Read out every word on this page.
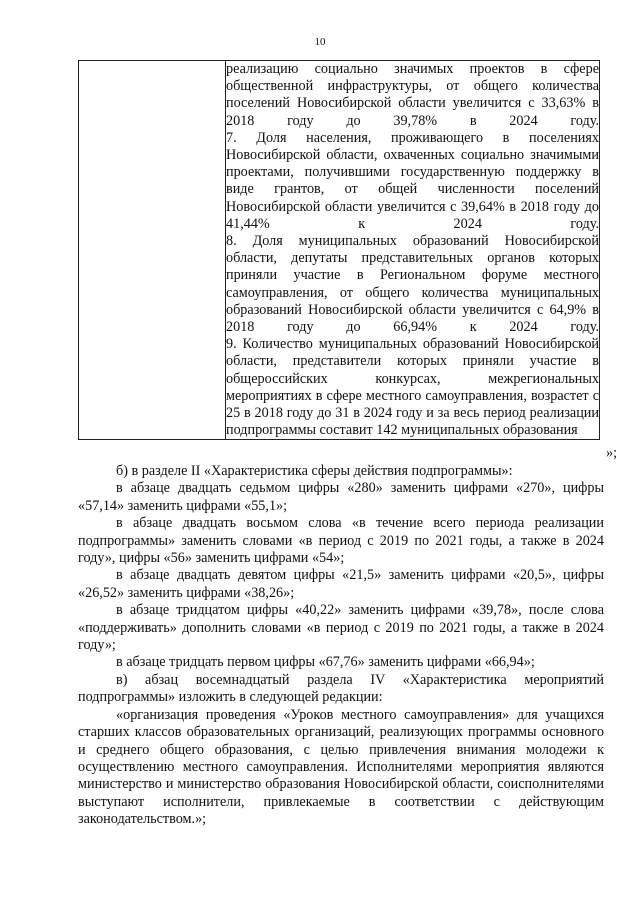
10

реализацию социально значимых проектов в сфере общественной инфраструктуры, от общего количества поселений Новосибирской области увеличится с 33,63% в 2018 году до 39,78% в 2024 году.

7. Доля населения, проживающего в поселениях Новосибирской области, охваченных социально значимыми проектами, получившими государственную поддержку в виде грантов, от общей численности поселений Новосибирской области увеличится с 39,64% в 2018 году до 41,44% к 2024 году.

8. Доля муниципальных образований Новосибирской области, депутаты представительных органов которых приняли участие в Региональном форуме местного самоуправления, от общего количества муниципальных образований Новосибирской области увеличится с 64,9% в 2018 году до 66,94% к 2024 году.

9. Количество муниципальных образований Новосибирской области, представители которых приняли участие в общероссийских конкурсах, межрегиональных мероприятиях в сфере местного самоуправления, возрастет с 25 в 2018 году до 31 в 2024 году и за весь период реализации подпрограммы составит 142 муниципальных образования

»;

б) в разделе II «Характеристика сферы действия подпрограммы»:

в абзаце двадцать седьмом цифры «280» заменить цифрами «270», цифры «57,14» заменить цифрами «55,1»;

в абзаце двадцать восьмом слова «в течение всего периода реализации подпрограммы» заменить словами «в период с 2019 по 2021 годы, а также в 2024 году», цифры «56» заменить цифрами «54»;

в абзаце двадцать девятом цифры «21,5» заменить цифрами «20,5», цифры «26,52» заменить цифрами «38,26»;

в абзаце тридцатом цифры «40,22» заменить цифрами «39,78», после слова «поддерживать» дополнить словами «в период с 2019 по 2021 годы, а также в 2024 году»;

в абзаце тридцать первом цифры «67,76» заменить цифрами «66,94»;

в) абзац восемнадцатый раздела IV «Характеристика мероприятий подпрограммы» изложить в следующей редакции:

«организация проведения «Уроков местного самоуправления» для учащихся старших классов образовательных организаций, реализующих программы основного и среднего общего образования, с целью привлечения внимания молодежи к осуществлению местного самоуправления. Исполнителями мероприятия являются министерство и министерство образования Новосибирской области, соисполнителями выступают исполнители, привлекаемые в соответствии с действующим законодательством.»;
